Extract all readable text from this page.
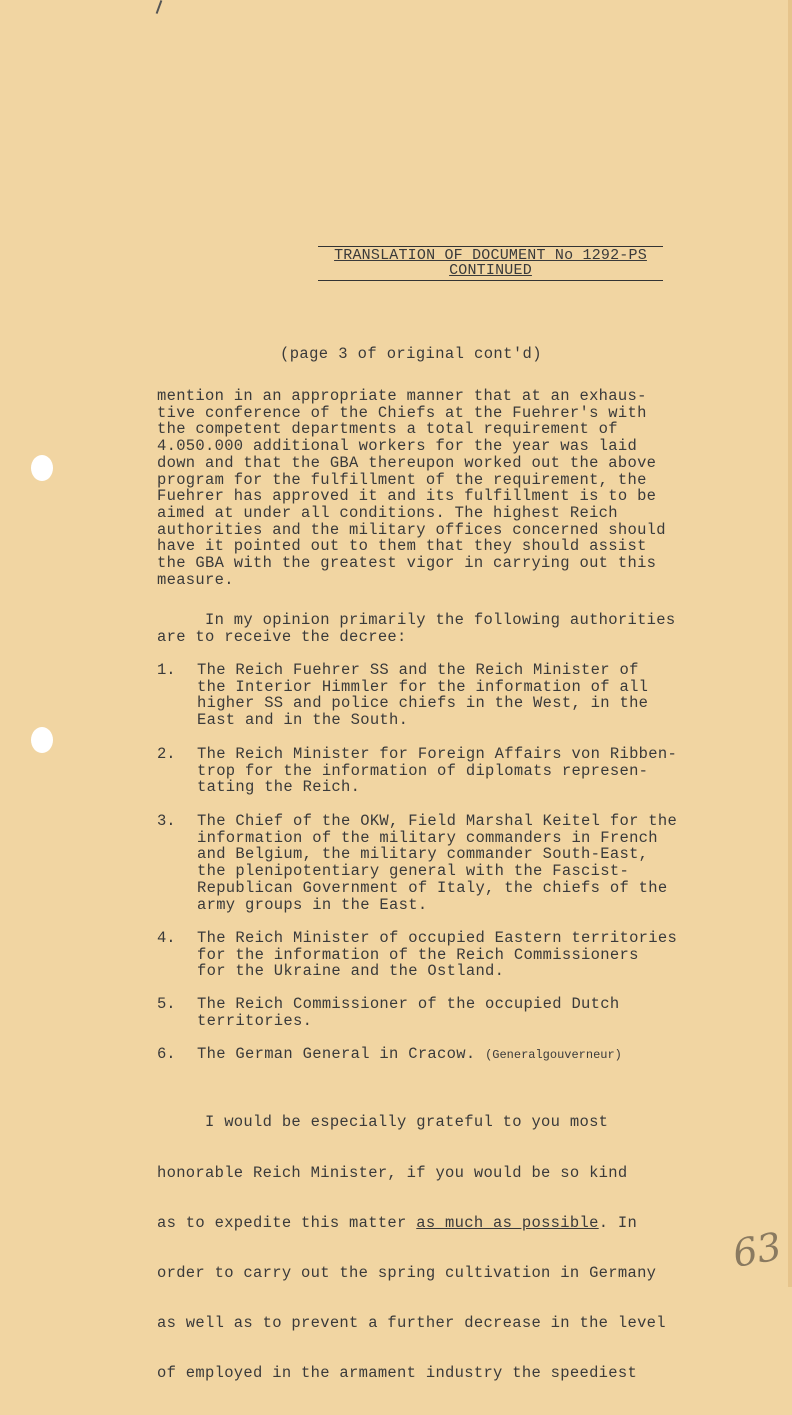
TRANSLATION OF DOCUMENT No 1292-PS
CONTINUED
(page 3 of original cont'd)
mention in an appropriate manner that at an exhaus-
tive conference of the Chiefs at the Fuehrer's with
the competent departments a total requirement of
4.050.000 additional workers for the year was laid
down and that the GBA thereupon worked out the above
program for the fulfillment of the requirement, the
Fuehrer has approved it and its fulfillment is to be
aimed at under all conditions. The highest Reich
authorities and the military offices concerned should
have it pointed out to them that they should assist
the GBA with the greatest vigor in carrying out this
measure.
In my opinion primarily the following authorities
are to receive the decree:
1. The Reich Fuehrer SS and the Reich Minister of
the Interior Himmler for the information of all
higher SS and police chiefs in the West, in the
East and in the South.
2. The Reich Minister for Foreign Affairs von Ribben-
trop for the information of diplomats represen-
tating the Reich.
3. The Chief of the OKW, Field Marshal Keitel for the
information of the military commanders in French
and Belgium, the military commander South-East,
the plenipotentiary general with the Fascist-
Republican Government of Italy, the chiefs of the
army groups in the East.
4. The Reich Minister of occupied Eastern territories
for the information of the Reich Commissioners
for the Ukraine and the Ostland.
5. The Reich Commissioner of the occupied Dutch
territories.
6. The German General in Cracow. (Generalgouverneur)

I would be especially grateful to you most

honorable Reich Minister, if you would be so kind

as to expedite this matter as much as possible. In

order to carry out the spring cultivation in Germany

as well as to prevent a further decrease in the level

of employed in the armament industry the speediest

63
